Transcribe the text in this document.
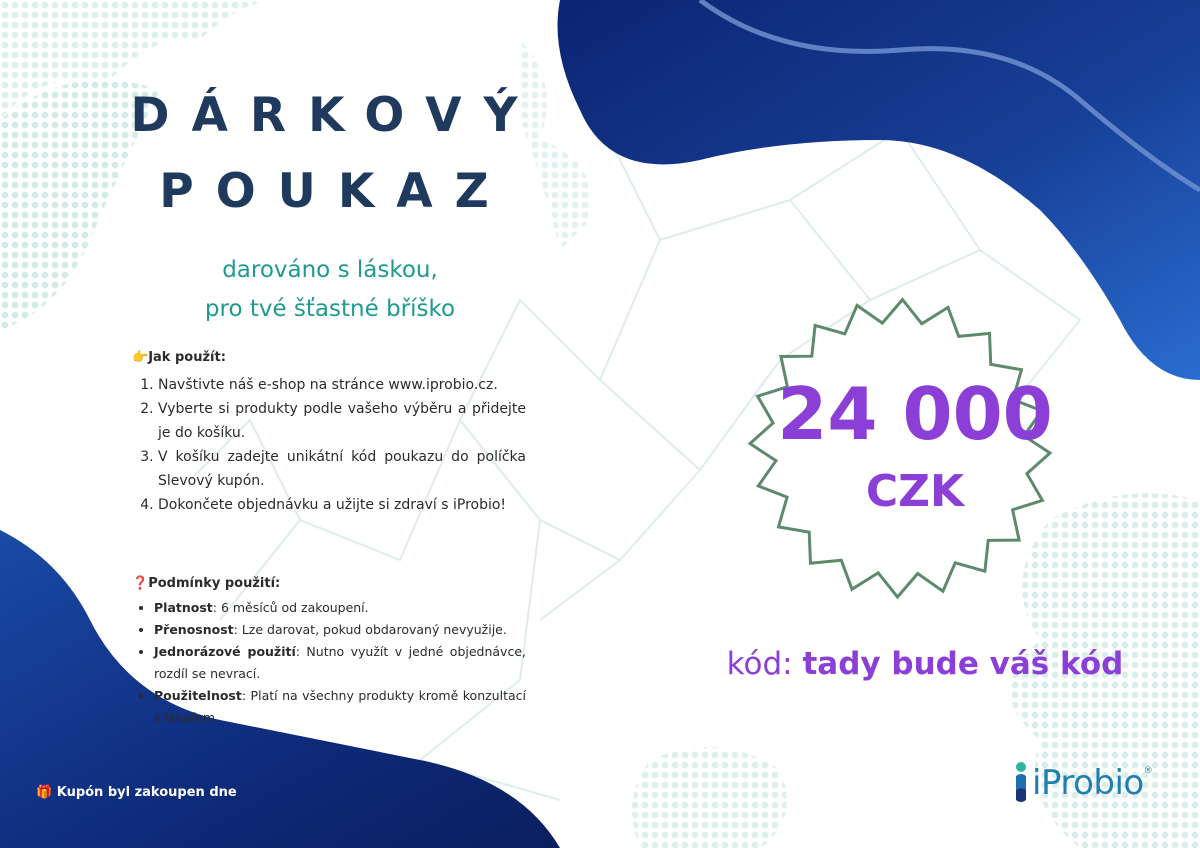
DÁRKOVÝ
POUKAZ
darováno s láskou,
pro tvé šťastné bříško
👉Jak použít:
1. Navštivte náš e-shop na stránce www.iprobio.cz.
2. Vyberte si produkty podle vašeho výběru a přidejte je do košíku.
3. V košíku zadejte unikátní kód poukazu do políčka Slevový kupón.
4. Dokončete objednávku a užijte si zdraví s iProbio!
❓Podmínky použití:
• Platnost: 6 měsíců od zakoupení.
• Přenosnost: Lze darovat, pokud obdarovaný nevyužije.
• Jednorázové použití: Nutno využít v jedné objednávce, rozdíl se nevrací.
• Použitelnost: Platí na všechny produkty kromě konzultací s lékařem.
🎁 Kupón byl zakoupen dne
24 000
CZK
kód: tady bude váš kód
iProbio ®
